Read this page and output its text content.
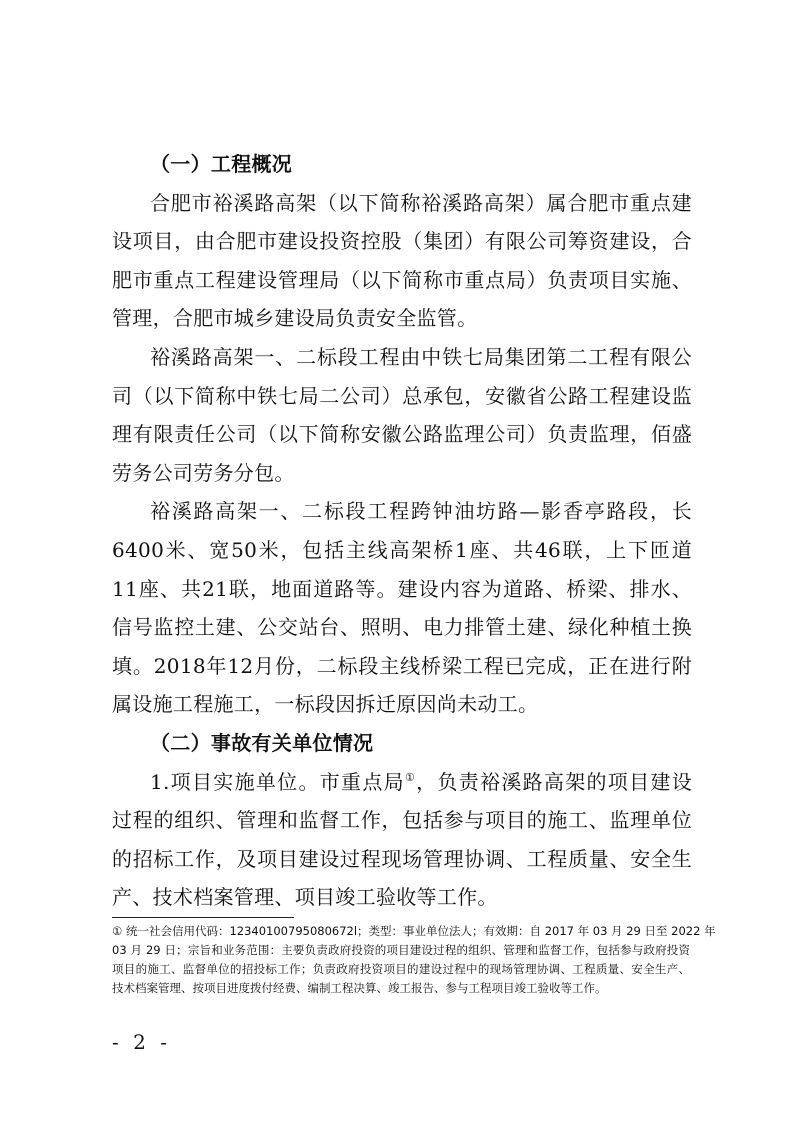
（一）工程概况
合肥市裕溪路高架（以下简称裕溪路高架）属合肥市重点建
设项目，由合肥市建设投资控股（集团）有限公司筹资建设，合
肥市重点工程建设管理局（以下简称市重点局）负责项目实施、
管理，合肥市城乡建设局负责安全监管。
裕溪路高架一、二标段工程由中铁七局集团第二工程有限公
司（以下简称中铁七局二公司）总承包，安徽省公路工程建设监
理有限责任公司（以下简称安徽公路监理公司）负责监理，佰盛
劳务公司劳务分包。
裕溪路高架一、二标段工程跨钟油坊路—影香亭路段，长
6400米、宽50米，包括主线高架桥1座、共46联，上下匝道
11座、共21联，地面道路等。建设内容为道路、桥梁、排水、
信号监控土建、公交站台、照明、电力排管土建、绿化种植土换
填。2018年12月份，二标段主线桥梁工程已完成，正在进行附
属设施工程施工，一标段因拆迁原因尚未动工。
（二）事故有关单位情况
1.项目实施单位。市重点局①，负责裕溪路高架的项目建设
过程的组织、管理和监督工作，包括参与项目的施工、监理单位
的招标工作，及项目建设过程现场管理协调、工程质量、安全生
产、技术档案管理、项目竣工验收等工作。
① 统一社会信用代码：12340100795080672l；类型：事业单位法人；有效期：自 2017 年 03 月 29 日至 2022 年
03 月 29 日；宗旨和业务范围：主要负责政府投资的项目建设过程的组织、管理和监督工作，包括参与政府投资
项目的施工、监督单位的招投标工作；负责政府投资项目的建设过程中的现场管理协调、工程质量、安全生产、
技术档案管理、按项目进度拨付经费、编制工程决算、竣工报告、参与工程项目竣工验收等工作。
- 2 -
